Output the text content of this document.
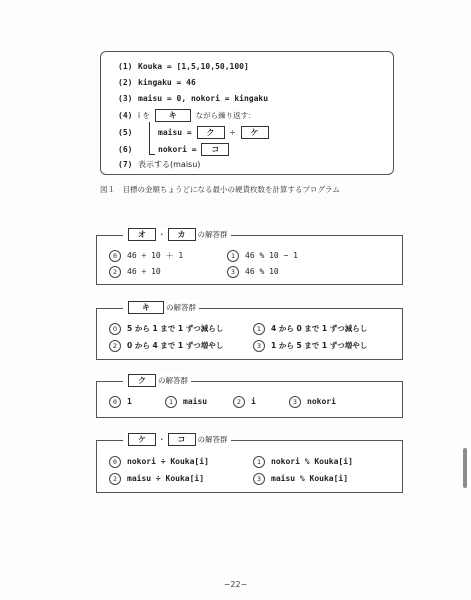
(1) Kouka = [1,5,10,50,100]
(2) kingaku = 46
(3) maisu = 0, nokori = kingaku
(4) i を キ	ながら繰り返す：
(5)	maisu = ク ÷ ケ
(6)	nokori = コ
(7) 表示する(maisu)
図１　目標の金額ちょうどになる最小の硬貨枚数を計算するプログラム
オ ・ カ の解答群
0 46 ÷ 10 ＋ 1	1 46 % 10 − 1
2 46 ÷ 10	3 46 % 10
キ の解答群
0 5 から 1 まで 1 ずつ減らし	1 4 から 0 まで 1 ずつ減らし
2 0 から 4 まで 1 ずつ増やし	3 1 から 5 まで 1 ずつ増やし
ク の解答群
0 1	1 maisu	2 i	3 nokori
ケ ・ コ の解答群
0 nokori ÷ Kouka[i]	1 nokori % Kouka[i]
2 maisu ÷ Kouka[i]	3 maisu % Kouka[i]
−22−
